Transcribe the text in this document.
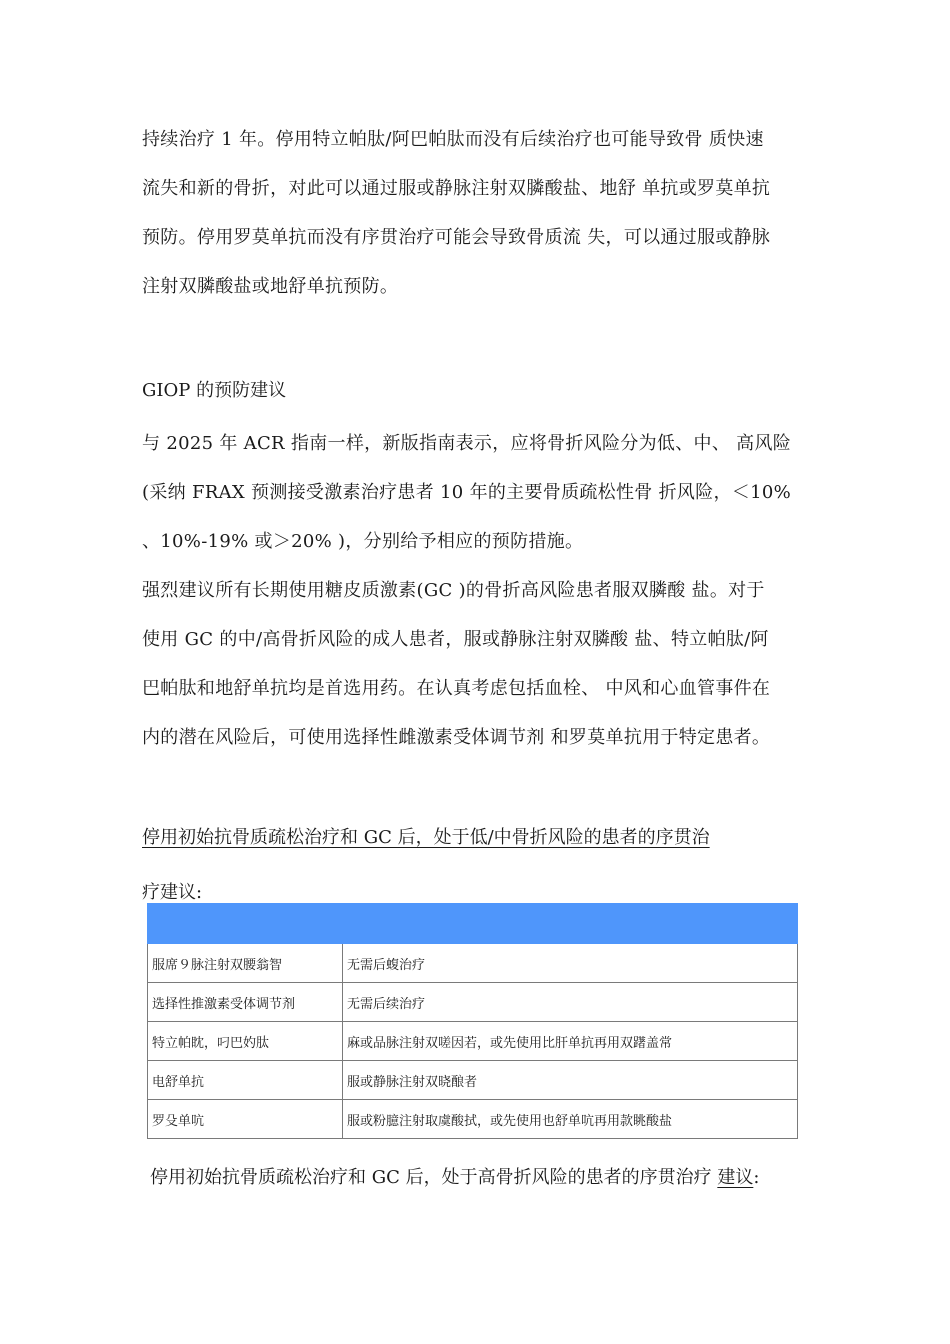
持续治疗 1 年。停用特立帕肽/阿巴帕肽而没有后续治疗也可能导致骨 质快速
流失和新的骨折，对此可以通过服或静脉注射双膦酸盐、地舒 单抗或罗莫单抗
预防。停用罗莫单抗而没有序贯治疗可能会导致骨质流 失，可以通过服或静脉
注射双膦酸盐或地舒单抗预防。
GIOP 的预防建议
与 2025 年 ACR 指南一样，新版指南表示，应将骨折风险分为低、中、 高风险
(采纳 FRAX 预测接受激素治疗患者 10 年的主要骨质疏松性骨 折风险，＜10%
、10%-19% 或＞20% )，分别给予相应的预防措施。
强烈建议所有长期使用糖皮质激素(GC )的骨折高风险患者服双膦酸 盐。对于
使用 GC 的中/高骨折风险的成人患者，服或静脉注射双膦酸 盐、特立帕肽/阿
巴帕肽和地舒单抗均是首选用药。在认真考虑包括血栓、 中风和心血管事件在
内的潜在风险后，可使用选择性雌激素受体调节剂 和罗莫单抗用于特定患者。
停用初始抗骨质疏松治疗和 GC 后，处于低/中骨折风险的患者的序贯治
疗建议:

服席９脉注射双腰翁智	无需后蝮治疗
选择性推激素受体调节剂	无需后续治疗
特立帕眈，叼巴妁肽	麻或品脉注射双嗟因若，或先使用比肝单抗再用双躇盖常
电舒单抗	服或静脉注射双晓酿者
罗殳单吭	服或粉臆注射取虞酸拭，或先使用也舒单吭再用款眺酸盐
停用初始抗骨质疏松治疗和 GC 后，处于高骨折风险的患者的序贯治疗 建议:
